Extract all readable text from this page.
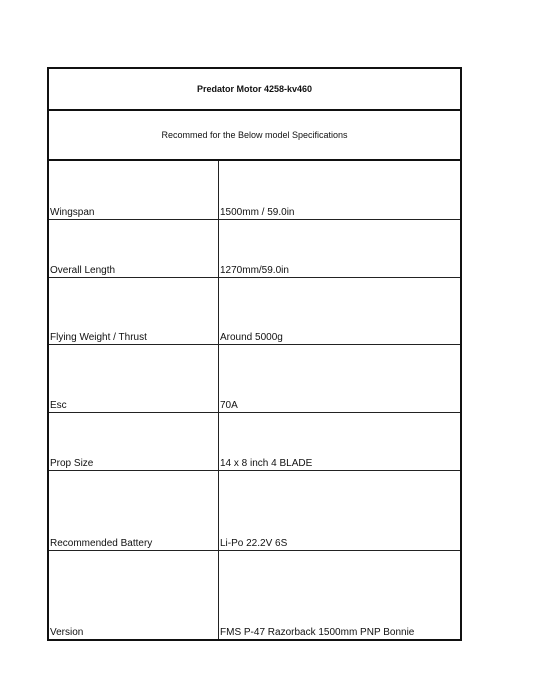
Predator Motor 4258-kv460
Recommed for the Below model Specifications
Wingspan	1500mm / 59.0in
Overall Length	1270mm/59.0in
Flying Weight / Thrust	Around 5000g
Esc	70A
Prop Size	14 x 8 inch 4 BLADE
Recommended Battery	Li-Po 22.2V 6S
Version	FMS P-47 Razorback 1500mm PNP Bonnie
